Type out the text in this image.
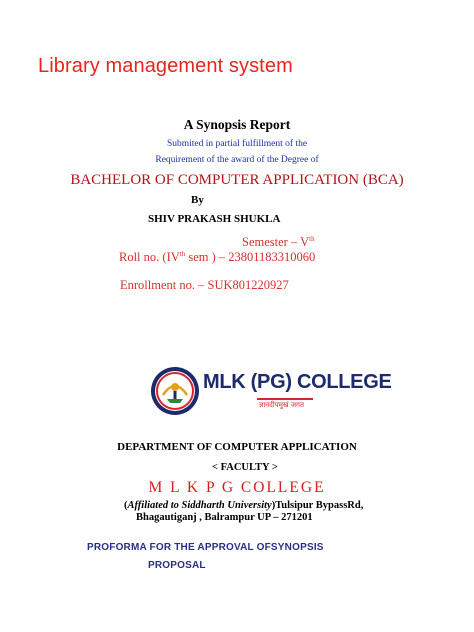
Library management system
A Synopsis Report
Submited in partial fulfillment of the
Requirement of the award of the Degree of
BACHELOR OF COMPUTER APPLICATION (BCA)
By
SHIV PRAKASH SHUKLA
Semester – Vth
Roll no. (IVth sem ) – 23801183310060
Enrollment no. – SUK801220927
MLK (PG) COLLEGE
ज्ञानदीपमुखं जगत
DEPARTMENT OF COMPUTER APPLICATION
< FACULTY >
M L K P G COLLEGE
(Affiliated to Siddharth University)Tulsipur BypassRd,
Bhagautiganj , Balrampur UP – 271201
PROFORMA FOR THE APPROVAL OFSYNOPSIS
PROPOSAL
